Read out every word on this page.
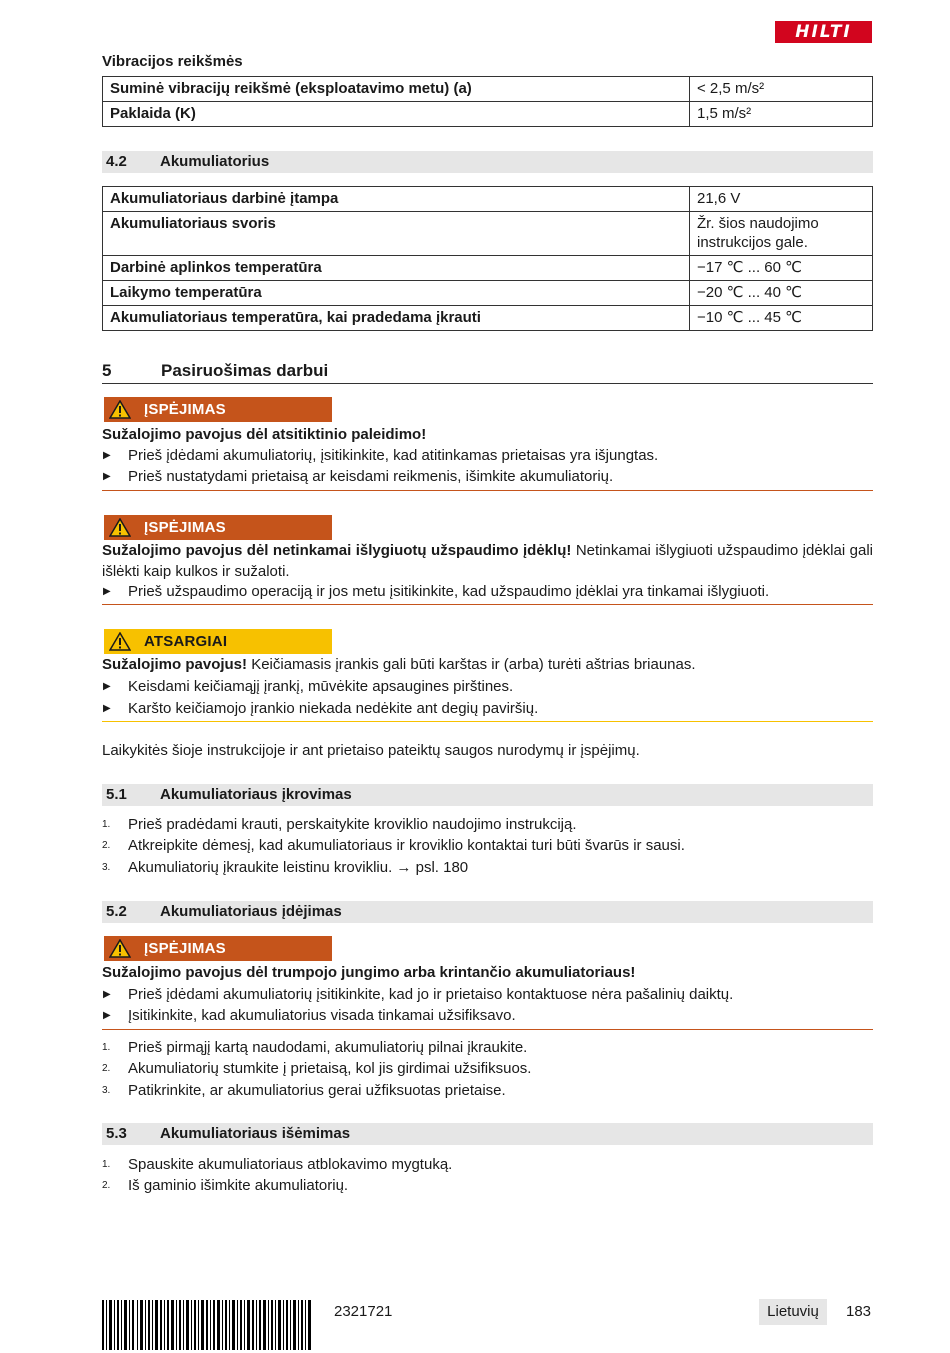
HILTI
Vibracijos reikšmės
Suminė vibracijų reikšmė (eksploatavimo metu) (a)	< 2,5 m/s²
Paklaida (K)	1,5 m/s²
4.2 Akumuliatorius
Akumuliatoriaus darbinė įtampa	21,6 V
Akumuliatoriaus svoris	Žr. šios naudojimo instrukcijos gale.
Darbinė aplinkos temperatūra	−17 ℃ ... 60 ℃
Laikymo temperatūra	−20 ℃ ... 40 ℃
Akumuliatoriaus temperatūra, kai pradedama įkrauti	−10 ℃ ... 45 ℃
5	Pasiruošimas darbui
ĮSPĖJIMAS
Sužalojimo pavojus dėl atsitiktinio paleidimo!
▶ Prieš įdėdami akumuliatorių, įsitikinkite, kad atitinkamas prietaisas yra išjungtas.
▶ Prieš nustatydami prietaisą ar keisdami reikmenis, išimkite akumuliatorių.
ĮSPĖJIMAS
Sužalojimo pavojus dėl netinkamai išlygiuotų užspaudimo įdėklų! Netinkamai išlygiuoti užspaudimo įdėklai gali išlėkti kaip kulkos ir sužaloti.
▶ Prieš užspaudimo operaciją ir jos metu įsitikinkite, kad užspaudimo įdėklai yra tinkamai išlygiuoti.
ATSARGIAI
Sužalojimo pavojus! Keičiamasis įrankis gali būti karštas ir (arba) turėti aštrias briaunas.
▶ Keisdami keičiamąjį įrankį, mūvėkite apsaugines pirštines.
▶ Karšto keičiamojo įrankio niekada nedėkite ant degių paviršių.
Laikykitės šioje instrukcijoje ir ant prietaiso pateiktų saugos nurodymų ir įspėjimų.
5.1 Akumuliatoriaus įkrovimas
1. Prieš pradėdami krauti, perskaitykite kroviklio naudojimo instrukciją.
2. Atkreipkite dėmesį, kad akumuliatoriaus ir kroviklio kontaktai turi būti švarūs ir sausi.
3. Akumuliatorių įkraukite leistinu krovikliu. → psl. 180
5.2 Akumuliatoriaus įdėjimas
ĮSPĖJIMAS
Sužalojimo pavojus dėl trumpojo jungimo arba krintančio akumuliatoriaus!
▶ Prieš įdėdami akumuliatorių įsitikinkite, kad jo ir prietaiso kontaktuose nėra pašalinių daiktų.
▶ Įsitikinkite, kad akumuliatorius visada tinkamai užsifiksavo.
1. Prieš pirmąjį kartą naudodami, akumuliatorių pilnai įkraukite.
2. Akumuliatorių stumkite į prietaisą, kol jis girdimai užsifiksuos.
3. Patikrinkite, ar akumuliatorius gerai užfiksuotas prietaise.
5.3 Akumuliatoriaus išėmimas
1. Spauskite akumuliatoriaus atblokavimo mygtuką.
2. Iš gaminio išimkite akumuliatorių.
2321721	Lietuvių	183
